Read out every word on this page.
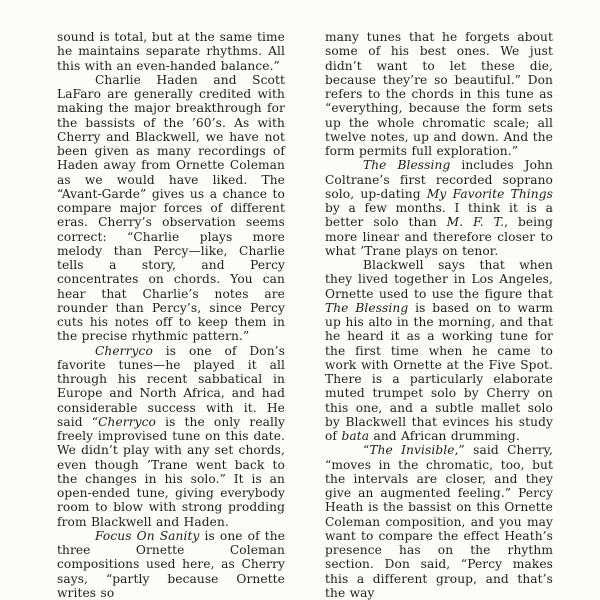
sound is total, but at the same time he maintains separate rhythms. All this with an even-handed balance.”

Charlie Haden and Scott LaFaro are generally credited with making the major breakthrough for the bassists of the ’60’s. As with Cherry and Blackwell, we have not been given as many recordings of Haden away from Ornette Coleman as we would have liked. The “Avant-Garde” gives us a chance to compare major forces of different eras. Cherry’s observation seems correct: “Charlie plays more melody than Percy—like, Charlie tells a story, and Percy concentrates on chords. You can hear that Charlie’s notes are rounder than Percy’s, since Percy cuts his notes off to keep them in the precise rhythmic pattern.”

Cherryco is one of Don’s favorite tunes—he played it all through his recent sabbatical in Europe and North Africa, and had considerable success with it. He said “Cherryco is the only really freely improvised tune on this date. We didn’t play with any set chords, even though ’Trane went back to the changes in his solo.” It is an open-ended tune, giving everybody room to blow with strong prodding from Blackwell and Haden.

Focus On Sanity is one of the three Ornette Coleman compositions used here, as Cherry says, “partly because Ornette writes so

many tunes that he forgets about some of his best ones. We just didn’t want to let these die, because they’re so beautiful.” Don refers to the chords in this tune as “everything, because the form sets up the whole chromatic scale; all twelve notes, up and down. And the form permits full exploration.”

The Blessing includes John Coltrane’s first recorded soprano solo, up-dating My Favorite Things by a few months. I think it is a better solo than M. F. T., being more linear and therefore closer to what ’Trane plays on tenor.

Blackwell says that when they lived together in Los Angeles, Ornette used to use the figure that The Blessing is based on to warm up his alto in the morning, and that he heard it as a working tune for the first time when he came to work with Ornette at the Five Spot. There is a particularly elaborate muted trumpet solo by Cherry on this one, and a subtle mallet solo by Blackwell that evinces his study of bata and African drumming.

“The Invisible,” said Cherry, “moves in the chromatic, too, but the intervals are closer, and they give an augmented feeling.” Percy Heath is the bassist on this Ornette Coleman composition, and you may want to compare the effect Heath’s presence has on the rhythm section. Don said, “Percy makes this a different group, and that’s the way
